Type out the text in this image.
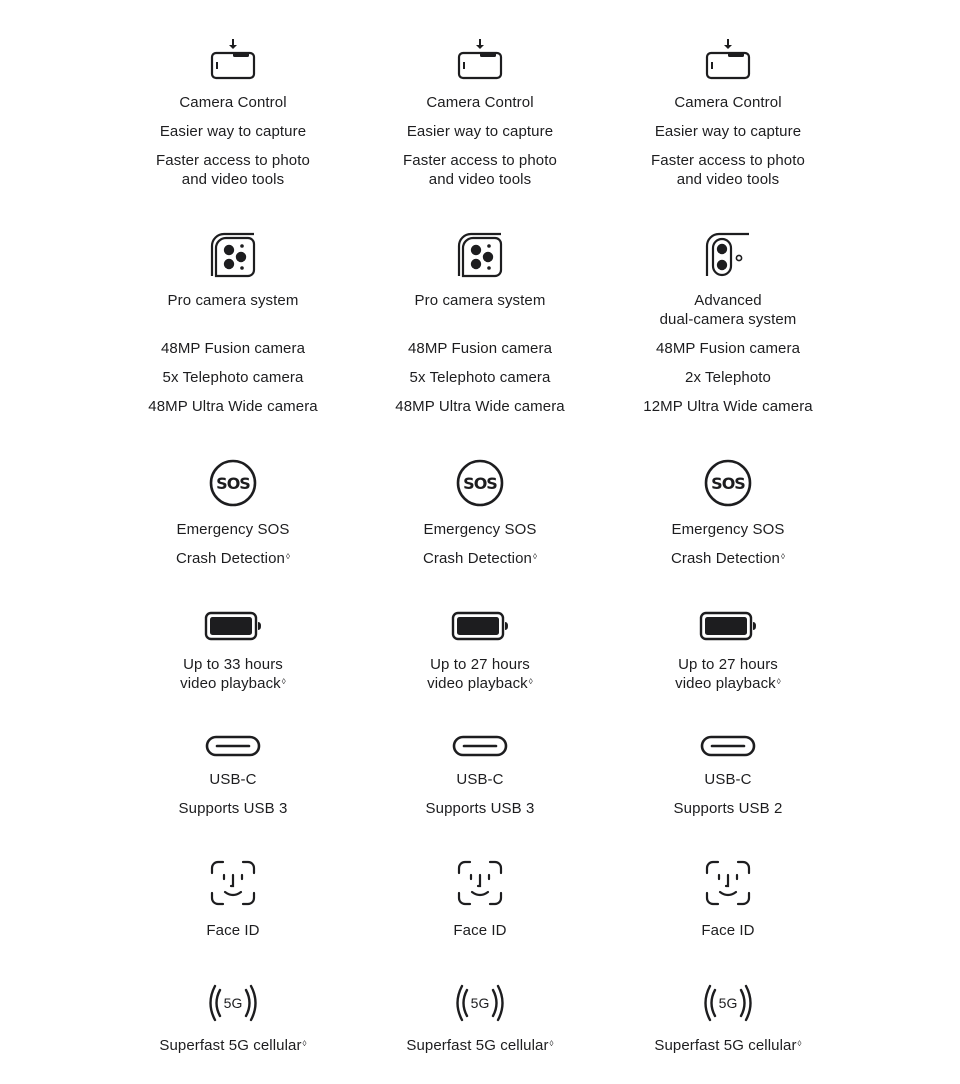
Camera Control
Easier way to capture
Faster access to photo
and video tools
Pro camera system
48MP Fusion camera
5x Telephoto camera
48MP Ultra Wide camera
SOS
Emergency SOS
Crash Detection◊
Up to 33 hours
video playback◊
USB-C
Supports USB 3
Face ID
5G
Superfast 5G cellular◊
Camera Control
Easier way to capture
Faster access to photo
and video tools
Pro camera system
48MP Fusion camera
5x Telephoto camera
48MP Ultra Wide camera
SOS
Emergency SOS
Crash Detection◊
Up to 27 hours
video playback◊
USB-C
Supports USB 3
Face ID
5G
Superfast 5G cellular◊
Camera Control
Easier way to capture
Faster access to photo
and video tools
Advanced
dual-camera system
48MP Fusion camera
2x Telephoto
12MP Ultra Wide camera
SOS
Emergency SOS
Crash Detection◊
Up to 27 hours
video playback◊
USB-C
Supports USB 2
Face ID
5G
Superfast 5G cellular◊
